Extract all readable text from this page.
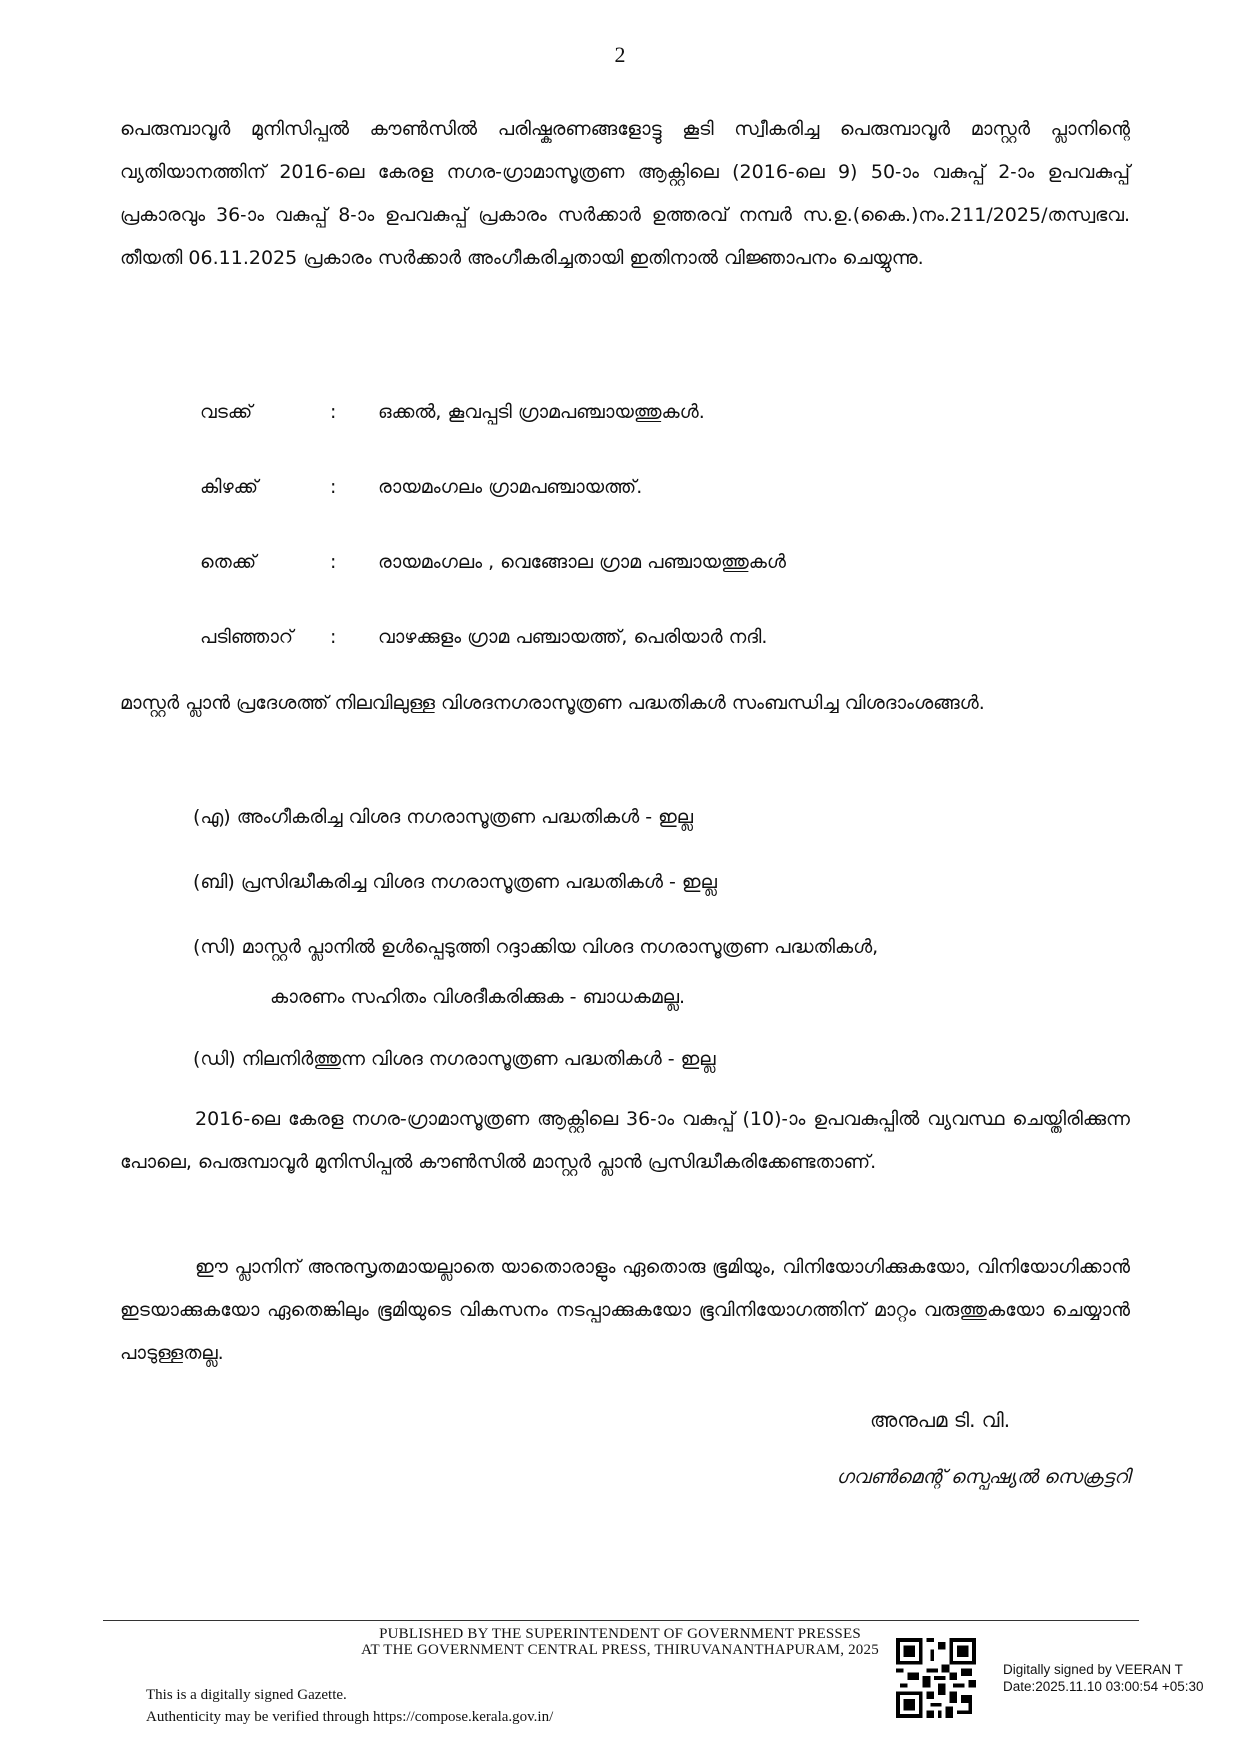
2

പെരുമ്പാവൂർ മുനിസിപ്പൽ കൗൺസിൽ പരിഷ്കരണങ്ങളോട്ടു കൂടി സ്വീകരിച്ച പെരുമ്പാവൂർ മാസ്റ്റർ പ്ലാനിന്റെ വ്യതിയാനത്തിന് 2016-ലെ കേരള നഗര-ഗ്രാമാസൂത്രണ ആക്റ്റിലെ (2016-ലെ 9) 50-ാം വകുപ്പ് 2-ാം ഉപവകുപ്പ് പ്രകാരവും 36-ാം വകുപ്പ് 8-ാം ഉപവകുപ്പ് പ്രകാരം സർക്കാർ ഉത്തരവ് നമ്പർ സ.ഉ.(കൈ.)നം.211/2025/തസ്വഭവ. തീയതി 06.11.2025 പ്രകാരം സർക്കാർ അംഗീകരിച്ചതായി ഇതിനാൽ വിജ്ഞാപനം ചെയ്യുന്നു.

വടക്ക്	:	ഒക്കൽ, കൂവപ്പടി ഗ്രാമപഞ്ചായത്തുകൾ.
കിഴക്ക്	:	രായമംഗലം ഗ്രാമപഞ്ചായത്ത്.
തെക്ക്	:	രായമംഗലം , വെങ്ങോല ഗ്രാമ പഞ്ചായത്തുകൾ
പടിഞ്ഞാറ്	:	വാഴക്കുളം ഗ്രാമ പഞ്ചായത്ത്, പെരിയാർ നദി.

മാസ്റ്റർ പ്ലാൻ പ്രദേശത്ത് നിലവിലുള്ള വിശദനഗരാസൂത്രണ പദ്ധതികൾ സംബന്ധിച്ച വിശദാംശങ്ങൾ.

(എ) അംഗീകരിച്ച വിശദ നഗരാസൂത്രണ പദ്ധതികൾ - ഇല്ല
(ബി) പ്രസിദ്ധീകരിച്ച വിശദ നഗരാസൂത്രണ പദ്ധതികൾ - ഇല്ല
(സി) മാസ്റ്റർ പ്ലാനിൽ ഉൾപ്പെടുത്തി റദ്ദാക്കിയ വിശദ നഗരാസൂത്രണ പദ്ധതികൾ,
കാരണം സഹിതം വിശദീകരിക്കുക - ബാധകമല്ല.
(ഡി) നിലനിർത്തുന്ന വിശദ നഗരാസൂത്രണ പദ്ധതികൾ - ഇല്ല

2016-ലെ കേരള നഗര-ഗ്രാമാസൂത്രണ ആക്റ്റിലെ 36-ാം വകുപ്പ് (10)-ാം ഉപവകുപ്പിൽ വ്യവസ്ഥ ചെയ്തിരിക്കുന്ന പോലെ, പെരുമ്പാവൂർ മുനിസിപ്പൽ കൗൺസിൽ മാസ്റ്റർ പ്ലാൻ പ്രസിദ്ധീകരിക്കേണ്ടതാണ്.

ഈ പ്ലാനിന് അനുസൃതമായല്ലാതെ യാതൊരാളും ഏതൊരു ഭൂമിയും, വിനിയോഗിക്കുകയോ, വിനിയോഗിക്കാൻ ഇടയാക്കുകയോ ഏതെങ്കിലും ഭൂമിയുടെ വികസനം നടപ്പാക്കുകയോ ഭൂവിനിയോഗത്തിന് മാറ്റം വരുത്തുകയോ ചെയ്യാൻ പാടുള്ളതല്ല.

അനുപമ ടി. വി.
ഗവൺമെന്റ് സ്പെഷ്യൽ സെക്രട്ടറി
PUBLISHED BY THE SUPERINTENDENT OF GOVERNMENT PRESSES
AT THE GOVERNMENT CENTRAL PRESS, THIRUVANANTHAPURAM, 2025
This is a digitally signed Gazette.
Authenticity may be verified through https://compose.kerala.gov.in/
Digitally signed by VEERAN T
Date:2025.11.10 03:00:54 +05:30
